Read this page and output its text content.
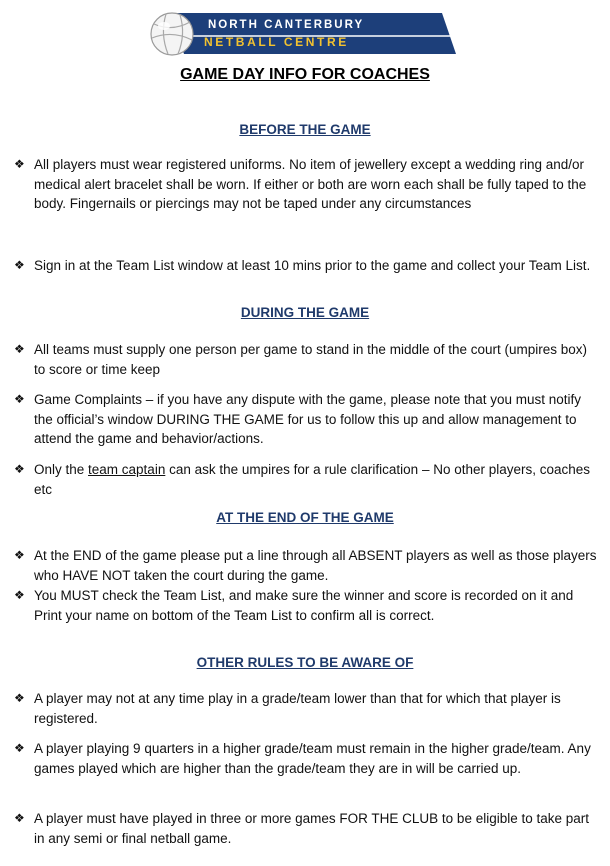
NORTH CANTERBURY
NETBALL CENTRE
GAME DAY INFO FOR COACHES
BEFORE THE GAME
❖ All players must wear registered uniforms. No item of jewellery except a wedding ring and/or medical alert bracelet shall be worn. If either or both are worn each shall be fully taped to the body. Fingernails or piercings may not be taped under any circumstances
❖ Sign in at the Team List window at least 10 mins prior to the game and collect your Team List.
DURING THE GAME
❖ All teams must supply one person per game to stand in the middle of the court (umpires box) to score or time keep
❖ Game Complaints – if you have any dispute with the game, please note that you must notify the official’s window DURING THE GAME for us to follow this up and allow management to attend the game and behavior/actions.
❖ Only the team captain can ask the umpires for a rule clarification – No other players, coaches etc
AT THE END OF THE GAME
❖ At the END of the game please put a line through all ABSENT players as well as those players who HAVE NOT taken the court during the game.
❖ You MUST check the Team List, and make sure the winner and score is recorded on it and Print your name on bottom of the Team List to confirm all is correct.
OTHER RULES TO BE AWARE OF
❖ A player may not at any time play in a grade/team lower than that for which that player is registered.
❖ A player playing 9 quarters in a higher grade/team must remain in the higher grade/team. Any games played which are higher than the grade/team they are in will be carried up.
❖ A player must have played in three or more games FOR THE CLUB to be eligible to take part in any semi or final netball game.
